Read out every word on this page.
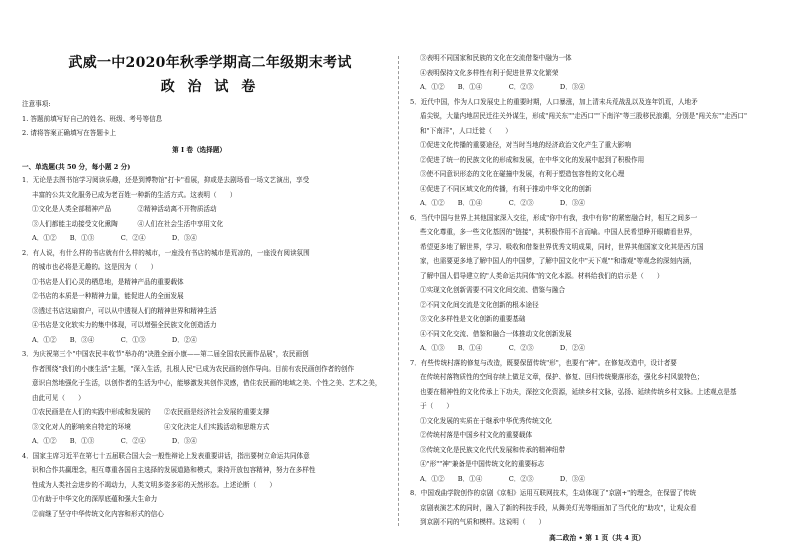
武威一中2020年秋季学期高二年级期末考试
政 治 试 卷
注意事项:
1. 答题前填写好自己的姓名、班级、考号等信息
2. 请将答案正确填写在答题卡上
第 I 卷（选择题）
一、单选题(共 50 分，每小题 2 分)
1．无论是去图书馆学习阅读乐趣，还是到博物馆"打卡"看展，抑或是去剧场看一场文艺演出，享受
丰富的公共文化服务已成为老百姓一种新的生活方式。这表明（　　）
①文化是人类全部精神产品　　　　②精神活动离不开物质活动
③人们都能主动接受文化熏陶　　　④人们在社会生活中享用文化
A．①②　　B．①③　　　　C．②④　　　　D．③④
2．有人说，有什么样的书店就有什么样的城市，一座没有书店的城市是荒凉的，一座没有阅读氛围
的城市也必将是无趣的。这是因为（　　）
①书店是人们心灵的栖息地，是精神产品的重要载体
②书店的本质是一种精神力量，能促进人的全面发展
③透过书店这扇窗户，可以从中透视人们的精神世界和精神生活
④书店是文化软实力的集中体现，可以增强全民族文化创造活力
A．①②　　B．③④　　　　C．①③　　　　D．②④
3．为庆祝第三个"中国农民丰收节"举办的"决胜全面小康——第二届全国农民画作品展"，农民画创
作者围绕"我们的小康生活"主题，"深入生活，扎根人民"已成为农民画的创作导向。目前有农民画创作者的创作
意识自然地强化于生活，以创作者的生活为中心，能够激发其创作灵感，借住农民画的地域之美、个性之美、艺术之美，
由此可见（　　）
①农民画是在人们的实践中形成和发展的　　②农民画是经济社会发展的重要支撑
③文化对人的影响来自特定的环境　　　　　④文化決定人们实践活动和思维方式
A．①②　　B．①③　　　　C．②④　　　　D．③④
4．国家主席习近平在第七十五届联合国大会一般性辩论上发表重要讲话，指出要树立命运共同体意
识和合作共赢理念，相互尊重各国自主选择的发展道路和模式，秉持开放包容精神，努力在多样性
性成为人类社会进步的不竭动力，人类文明多姿多彩的天然形态。上述论断（　　）
①有助于中华文化的深厚底蕴和强大生命力
②肩继了坚守中华传统文化内容和形式的信心
③表明不同国家和民族的文化在交流借鉴中融为一体
④表明保持文化多样性有利于促进世界文化繁荣
A．①②　　B．①④　　　　C．②③　　　　D．③④
5．近代中国，作为人口发展史上的重要时期，人口暴涨，加上清末兵荒战乱以及连年饥荒，人地矛
盾尖锐，大量内地居民迁往关外谋生，形成"闯关东""走西口""下南洋"等三股移民浪潮，分别是"闯关东""走西口"
和"下南洋"，人口迁徙（　　）
①促进文化传播的重要途径，对当时当地的经济政治文化产生了重大影响
②促进了统一的民族文化的形成和发展，在中华文化的发展中起到了积极作用
③使不同意识形态的文化在碰撞中发展，有利于塑造包容性的文化心理
④促进了不同区域文化的传播，有利于推动中华文化的创新
A．①②　　B．①④　　　　C．②③　　　　D．③④
6．当代中国与世界上其他国家深入交往，形成"你中有我，我中有你"的紧密融合时，相互之间多一
些文化尊重，多一些文化基因的"链接"，其积极作用不言而喻。中国人民希望睁开眼睛看世界，
希望更多地了解世界，学习、吸收和借鉴世界优秀文明成果，同时，世界其他国家文化其是西方国
家，也需要更多地了解中国人的中国梦，了解中国文化中"天下观""和谐观"等观念的深刻内涵，
了解中国人倡导建立的"人类命运共同体"的文化本源。材料给我们的启示是（　　）
①实现文化创新需要不同文化间交流、借鉴与融合
②不同文化间交流是文化创新的根本途径
③文化多样性是文化创新的重要基础
④不同文化交流、借鉴和融合一体推动文化创新发展
A．①③　　B．①④　　　　C．②③　　　　D．②④
7．有些传统村落的修复与改造，既要保留传统"形"，也要有"神"。在修复改造中，设计者要
在传统村落物质性的空间存续上做足文章，保护、修复、回归传统聚落形态，强化乡村风貌特色；
也要在精神性的文化传承上下功夫，深挖文化资源，延续乡村文脉，弘扬、延续传统乡村文脉。上述观点是基
于（　　）
①文化发展的实质在于继承中华优秀传统文化
②传统村落是中国乡村文化的重要载体
③传统文化是民族文化代代发展和传承的精神纽带
④"形""神"兼备是中国传统文化的重要标志
A．①②　　B．①④　　　　C．②③　　　　D．③④
8．中国戏曲学院创作的京剧《京相》运用互联网技术，生动体现了"京剧+"的理念，在保留了传统
京剧表演艺术的同时，融入了新的科技手段，从舞美灯光等细面加了当代化的"助攻"，让观众看
到京剧不同的气质和模样。这说明（　　）
高二政治 • 第 1 页（共 4 页）
